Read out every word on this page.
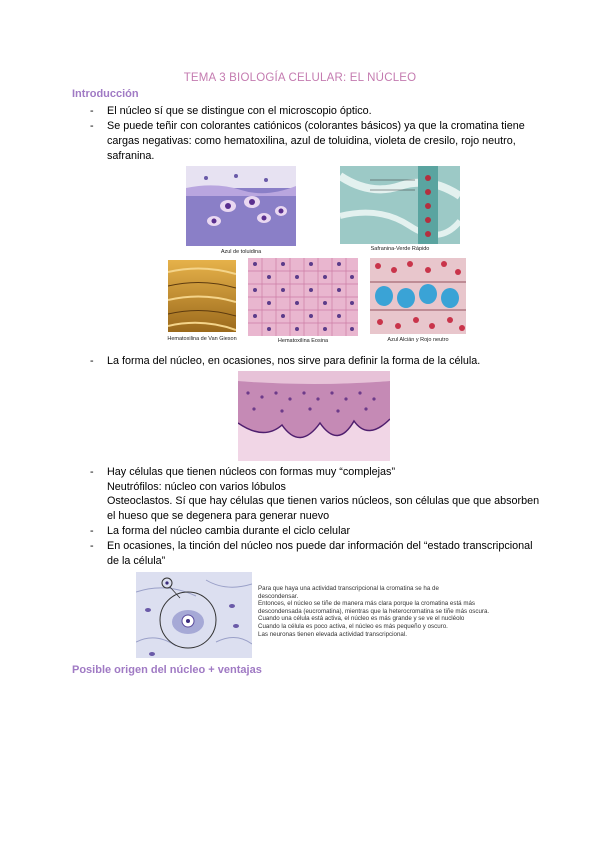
TEMA 3 BIOLOGÍA CELULAR: EL NÚCLEO
Introducción
- El núcleo sí que se distingue con el microscopio óptico.
- Se puede teñir con colorantes catiónicos (colorantes básicos) ya que la cromatina tiene cargas negativas: como hematoxilina, azul de toluidina, violeta de cresilo, rojo neutro, safranina.
Azul de toluidina	Safranina-Verde Rápido
Hematoxilina de Van Gieson	Hematoxilina Eosina	Azul Alcián y Rojo neutro
- La forma del núcleo, en ocasiones, nos sirve para definir la forma de la célula.
- Hay células que tienen núcleos con formas muy “complejas”
Neutrófilos: núcleo con varios lóbulos
Osteoclastos. Sí que hay células que tienen varios núcleos, son células que que absorben el hueso que se degenera para generar nuevo
- La forma del núcleo cambia durante el ciclo celular
- En ocasiones, la tinción del núcleo nos puede dar información del “estado transcripcional de la célula”
Para que haya una actividad transcripcional la cromatina se ha de
descondensar.
Entonces, el núcleo se tiñe de manera más clara porque la cromatina está más
descondensada (eucromatina), mientras que la heterocromatina se tiñe más oscura.
Cuando una célula está activa, el núcleo es más grande y se ve el nucléolo
Cuando la célula es poco activa, el núcleo es más pequeño y oscuro.
Las neuronas tienen elevada actividad transcripcional.
Posible origen del núcleo + ventajas
